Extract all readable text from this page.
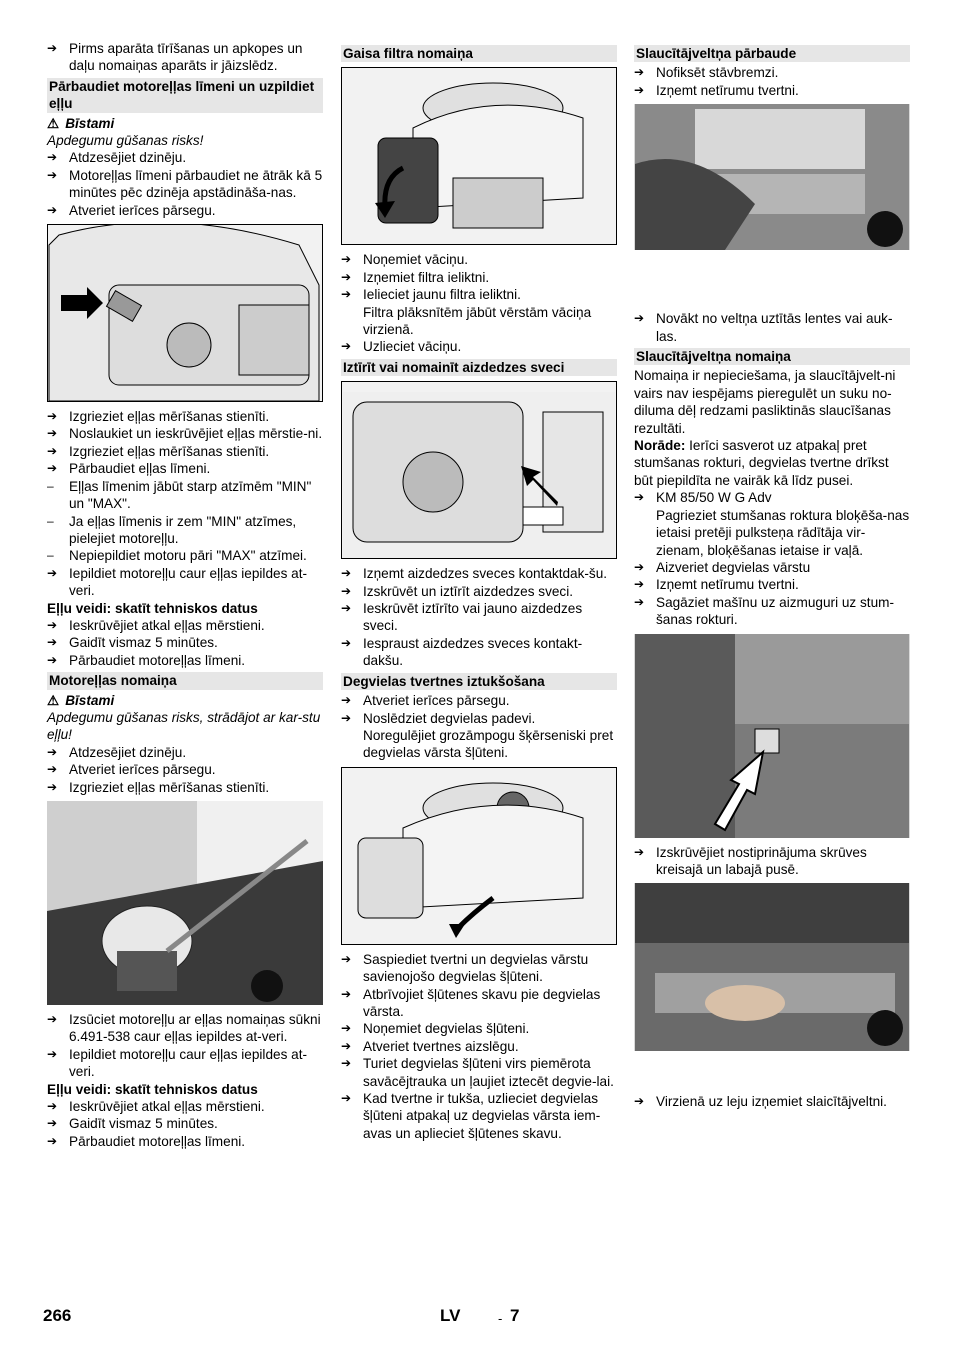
➔ Pirms aparāta tīrīšanas un apkopes un daļu nomaiņas aparāts ir jāizslēdz.
Pārbaudiet motoreļļas līmeni un uzpildiet eļļu
⚠ Bīstami
Apdegumu gūšanas risks!
➔ Atdzesējiet dzinēju.
➔ Motoreļļas līmeni pārbaudiet ne ātrāk kā 5 minūtes pēc dzinēja apstādināša-nas.
➔ Atveriet ierīces pārsegu.
➔ Izgrieziet eļļas mērīšanas stienīti.
➔ Noslaukiet un ieskrūvējiet eļļas mērstie-ni.
➔ Izgrieziet eļļas mērīšanas stienīti.
➔ Pārbaudiet eļļas līmeni.
–	Eļļas līmenim jābūt starp atzīmēm "MIN" un "MAX".
–	Ja eļļas līmenis ir zem "MIN" atzīmes, pielejiet motoreļļu.
–	Nepiepildiet motoru pāri "MAX" atzīmei.
➔ Iepildiet motoreļļu caur eļļas iepildes at-veri.
Eļļu veidi: skatīt tehniskos datus
➔ Ieskrūvējiet atkal eļļas mērstieni.
➔ Gaidīt vismaz 5 minūtes.
➔ Pārbaudiet motoreļļas līmeni.
Motoreļļas nomaiņa
⚠ Bīstami
Apdegumu gūšanas risks, strādājot ar kar-stu eļļu!
➔ Atdzesējiet dzinēju.
➔ Atveriet ierīces pārsegu.
➔ Izgrieziet eļļas mērīšanas stienīti.
➔ Izsūciet motoreļļu ar eļļas nomaiņas sūkni 6.491-538 caur eļļas iepildes at-veri.
➔ Iepildiet motoreļļu caur eļļas iepildes at-veri.
Eļļu veidi: skatīt tehniskos datus
➔ Ieskrūvējiet atkal eļļas mērstieni.
➔ Gaidīt vismaz 5 minūtes.
➔ Pārbaudiet motoreļļas līmeni.
Gaisa filtra nomaiņa
➔ Noņemiet vāciņu.
➔ Izņemiet filtra ieliktni.
➔ Ielieciet jaunu filtra ieliktni.
Filtra plāksnītēm jābūt vērstām vāciņa virzienā.
➔ Uzlieciet vāciņu.
Iztīrīt vai nomainīt aizdedzes sveci
➔ Izņemt aizdedzes sveces kontaktdak-šu.
➔ Izskrūvēt un iztīrīt aizdedzes sveci.
➔ Ieskrūvēt iztīrīto vai jauno aizdedzes sveci.
➔ Iespraust aizdedzes sveces kontakt-dakšu.
Degvielas tvertnes iztukšošana
➔ Atveriet ierīces pārsegu.
➔ Noslēdziet degvielas padevi.
Noregulējiet grozāmpogu šķērseniski pret degvielas vārsta šļūteni.
➔ Saspiediet tvertni un degvielas vārstu savienojošo degvielas šļūteni.
➔ Atbrīvojiet šļūtenes skavu pie degvielas vārsta.
➔ Noņemiet degvielas šļūteni.
➔ Atveriet tvertnes aizslēgu.
➔ Turiet degvielas šļūteni virs piemērota savācējtrauka un ļaujiet iztecēt degvie-lai.
➔ Kad tvertne ir tukša, uzlieciet degvielas šļūteni atpakaļ uz degvielas vārsta iem-avas un aplieciet šļūtenes skavu.
Slaucītājveltņa pārbaude
➔ Nofiksēt stāvbremzi.
➔ Izņemt netīrumu tvertni.
➔ Novākt no veltņa uztītās lentes vai auk-las.
Slaucītājveltņa nomaiņa
Nomaiņa ir nepieciešama, ja slaucītājvelt-ni vairs nav iespējams pieregulēt un suku no-diluma dēļ redzami pasliktinās slaucīšanas rezultāti.
Norāde: Ierīci sasverot uz atpakaļ pret stumšanas rokturi, degvielas tvertne drīkst būt piepildīta ne vairāk kā līdz pusei.
➔ KM 85/50 W G Adv
Pagrieziet stumšanas roktura bloķēša-nas ietaisi pretēji pulksteņa rādītāja vir-zienam, bloķēšanas ietaise ir vaļā.
➔ Aizveriet degvielas vārstu
➔ Izņemt netīrumu tvertni.
➔ Sagāziet mašīnu uz aizmuguri uz stum-šanas rokturi.
➔ Izskrūvējiet nostiprinājuma skrūves kreisajā un labajā pusē.
➔ Virzienā uz leju izņemiet slaicītājveltni.
266	LV	- 7
